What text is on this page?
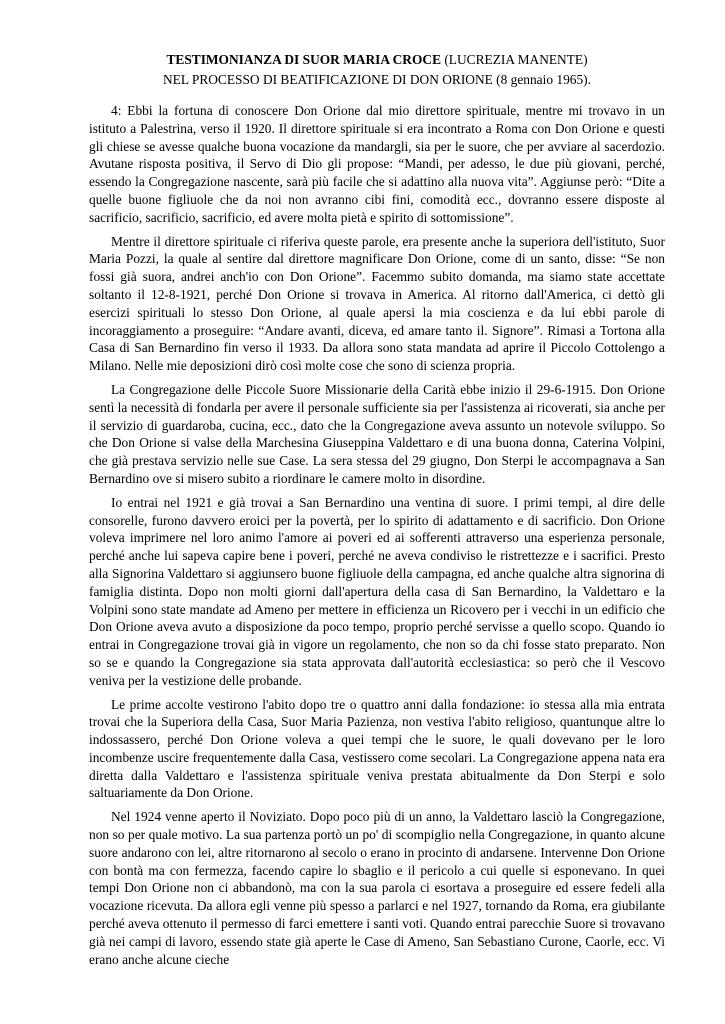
TESTIMONIANZA DI SUOR MARIA CROCE (LUCREZIA MANENTE)
NEL PROCESSO DI BEATIFICAZIONE DI DON ORIONE (8 gennaio 1965).

4: Ebbi la fortuna di conoscere Don Orione dal mio direttore spirituale, mentre mi trovavo in un istituto a Palestrina, verso il 1920. Il direttore spirituale si era incontrato a Roma con Don Orione e questi gli chiese se avesse qualche buona vocazione da mandargli, sia per le suore, che per avviare al sacerdozio. Avutane risposta positiva, il Servo di Dio gli propose: “Mandi, per adesso, le due più giovani, perché, essendo la Congregazione nascente, sarà più facile che si adattino alla nuova vita”. Aggiunse però: “Dite a quelle buone figliuole che da noi non avranno cibi fini, comodità ecc., dovranno essere disposte al sacrificio, sacrificio, sacrificio, ed avere molta pietà e spirito di sottomissione”.

Mentre il direttore spirituale ci riferiva queste parole, era presente anche la superiora dell'istituto, Suor Maria Pozzi, la quale al sentire dal direttore magnificare Don Orione, come di un santo, disse: “Se non fossi già suora, andrei anch'io con Don Orione”. Facemmo subito domanda, ma siamo state accettate soltanto il 12-8-1921, perché Don Orione si trovava in America. Al ritorno dall'America, ci dettò gli esercizi spirituali lo stesso Don Orione, al quale apersi la mia coscienza e da lui ebbi parole di incoraggiamento a proseguire: “Andare avanti, diceva, ed amare tanto il. Signore”. Rimasi a Tortona alla Casa di San Bernardino fin verso il 1933. Da allora sono stata mandata ad aprire il Piccolo Cottolengo a Milano. Nelle mie deposizioni dirò così molte cose che sono di scienza propria.

La Congregazione delle Piccole Suore Missionarie della Carità ebbe inizio il 29-6-1915. Don Orione sentì la necessità di fondarla per avere il personale sufficiente sia per l'assistenza ai ricoverati, sia anche per il servizio di guardaroba, cucina, ecc., dato che la Congregazione aveva assunto un notevole sviluppo. So che Don Orione si valse della Marchesina Giuseppina Valdettaro e di una buona donna, Caterina Volpini, che già prestava servizio nelle sue Case. La sera stessa del 29 giugno, Don Sterpi le accompagnava a San Bernardino ove si misero subito a riordinare le camere molto in disordine.

Io entrai nel 1921 e già trovai a San Bernardino una ventina di suore. I primi tempi, al dire delle consorelle, furono davvero eroici per la povertà, per lo spirito di adattamento e di sacrificio. Don Orione voleva imprimere nel loro animo l'amore ai poveri ed ai sofferenti attraverso una esperienza personale, perché anche lui sapeva capire bene i poveri, perché ne aveva condiviso le ristrettezze e i sacrifici. Presto alla Signorina Valdettaro si aggiunsero buone figliuole della campagna, ed anche qualche altra signorina di famiglia distinta. Dopo non molti giorni dall'apertura della casa di San Bernardino, la Valdettaro e la Volpini sono state mandate ad Ameno per mettere in efficienza un Ricovero per i vecchi in un edificio che Don Orione aveva avuto a disposizione da poco tempo, proprio perché servisse a quello scopo. Quando io entrai in Congregazione trovai già in vigore un regolamento, che non so da chi fosse stato preparato. Non so se e quando la Congregazione sia stata approvata dall'autorità ecclesiastica: so però che il Vescovo veniva per la vestizione delle probande.

Le prime accolte vestirono l'abito dopo tre o quattro anni dalla fondazione: io stessa alla mia entrata trovai che la Superiora della Casa, Suor Maria Pazienza, non vestiva l'abito religioso, quantunque altre lo indossassero, perché Don Orione voleva a quei tempi che le suore, le quali dovevano per le loro incombenze uscire frequentemente dalla Casa, vestissero come secolari. La Congregazione appena nata era diretta dalla Valdettaro e l'assistenza spirituale veniva prestata abitualmente da Don Sterpi e solo saltuariamente da Don Orione.

Nel 1924 venne aperto il Noviziato. Dopo poco più di un anno, la Valdettaro lasciò la Congregazione, non so per quale motivo. La sua partenza portò un po' di scompiglio nella Congregazione, in quanto alcune suore andarono con lei, altre ritornarono al secolo o erano in procinto di andarsene. Intervenne Don Orione con bontà ma con fermezza, facendo capire lo sbaglio e il pericolo a cui quelle si esponevano. In quei tempi Don Orione non ci abbandonò, ma con la sua parola ci esortava a proseguire ed essere fedeli alla vocazione ricevuta. Da allora egli venne più spesso a parlarci e nel 1927, tornando da Roma, era giubilante perché aveva ottenuto il permesso di farci emettere i santi voti. Quando entrai parecchie Suore si trovavano già nei campi di lavoro, essendo state già aperte le Case di Ameno, San Sebastiano Curone, Caorle, ecc. Vi erano anche alcune cieche
